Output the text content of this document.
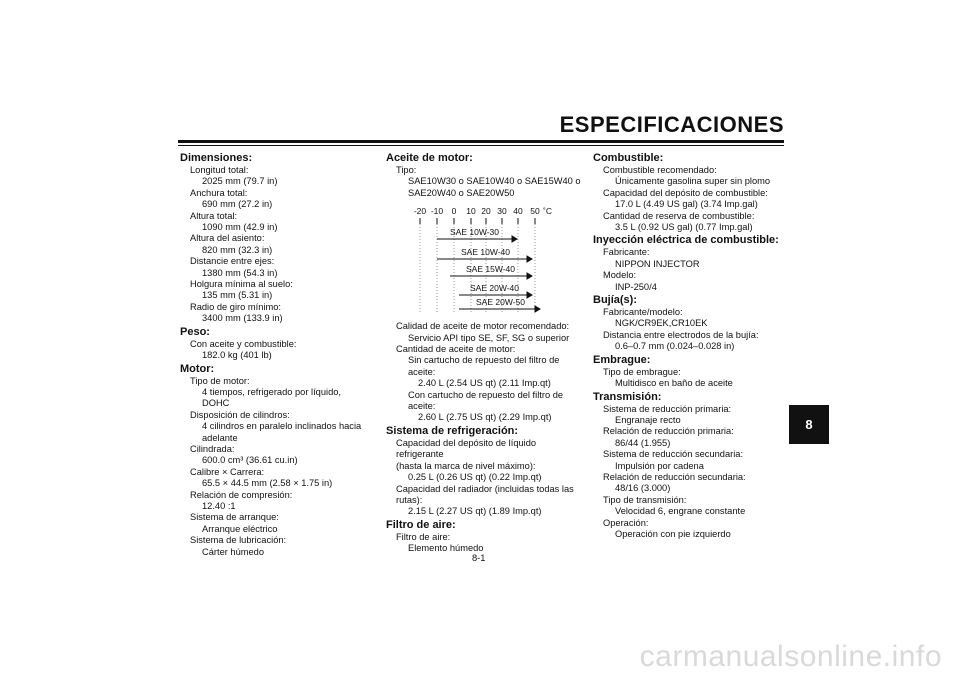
ESPECIFICACIONES
8
Dimensiones:
Longitud total:
2025 mm (79.7 in)
Anchura total:
690 mm (27.2 in)
Altura total:
1090 mm (42.9 in)
Altura del asiento:
820 mm (32.3 in)
Distancie entre ejes:
1380 mm (54.3 in)
Holgura mínima al suelo:
135 mm (5.31 in)
Radio de giro mínimo:
3400 mm (133.9 in)
Peso:
Con aceite y combustible:
182.0 kg (401 lb)
Motor:
Tipo de motor:
4 tiempos, refrigerado por líquido, DOHC
Disposición de cilindros:
4 cilindros en paralelo inclinados hacia
adelante
Cilindrada:
600.0 cm³ (36.61 cu.in)
Calibre × Carrera:
65.5 × 44.5 mm (2.58 × 1.75 in)
Relación de compresión:
12.40 :1
Sistema de arranque:
Arranque eléctrico
Sistema de lubricación:
Cárter húmedo
Aceite de motor:
Tipo:
SAE10W30 o SAE10W40 o SAE15W40 o
SAE20W40 o SAE20W50
-20 -10 0 10 20 30 40 50 ˚C
SAE 10W-30
SAE 10W-40
SAE 15W-40
SAE 20W-40
SAE 20W-50
Calidad de aceite de motor recomendado:
Servicio API tipo SE, SF, SG o superior
Cantidad de aceite de motor:
Sin cartucho de repuesto del filtro de
aceite:
2.40 L (2.54 US qt) (2.11 Imp.qt)
Con cartucho de repuesto del filtro de
aceite:
2.60 L (2.75 US qt) (2.29 Imp.qt)
Sistema de refrigeración:
Capacidad del depósito de líquido refrigerante
(hasta la marca de nivel máximo):
0.25 L (0.26 US qt) (0.22 Imp.qt)
Capacidad del radiador (incluidas todas las
rutas):
2.15 L (2.27 US qt) (1.89 Imp.qt)
Filtro de aire:
Filtro de aire:
Elemento húmedo
Combustible:
Combustible recomendado:
Únicamente gasolina super sin plomo
Capacidad del depósito de combustible:
17.0 L (4.49 US gal) (3.74 Imp.gal)
Cantidad de reserva de combustible:
3.5 L (0.92 US gal) (0.77 Imp.gal)
Inyección eléctrica de combustible:
Fabricante:
NIPPON INJECTOR
Modelo:
INP-250/4
Bujía(s):
Fabricante/modelo:
NGK/CR9EK,CR10EK
Distancia entre electrodos de la bujía:
0.6–0.7 mm (0.024–0.028 in)
Embrague:
Tipo de embrague:
Multidisco en baño de aceite
Transmisión:
Sistema de reducción primaria:
Engranaje recto
Relación de reducción primaria:
86/44 (1.955)
Sistema de reducción secundaria:
Impulsión por cadena
Relación de reducción secundaria:
48/16 (3.000)
Tipo de transmisión:
Velocidad 6, engrane constante
Operación:
Operación con pie izquierdo
8-1
carmanualsonline.info
